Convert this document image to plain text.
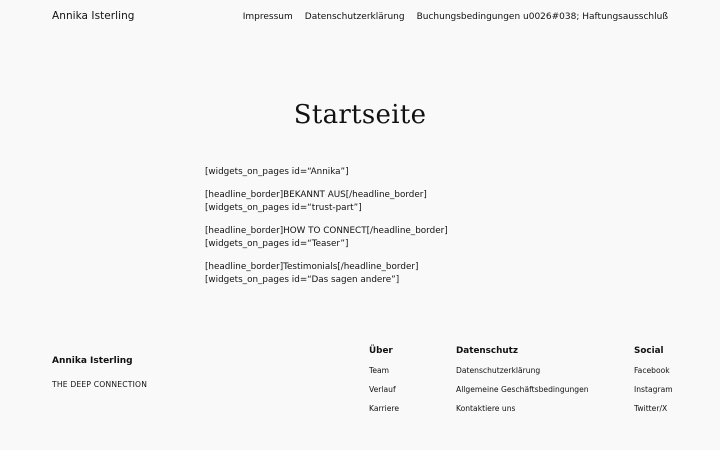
Annika Isterling	Impressum Datenschutzerklärung Buchungsbedingungen u0026#038; Haftungsausschluß
Startseite

[widgets_on_pages id=“Annika”]

[headline_border]BEKANNT AUS[/headline_border]
[widgets_on_pages id=“trust-part”]

[headline_border]HOW TO CONNECT[/headline_border]
[widgets_on_pages id=“Teaser”]

[headline_border]Testimonials[/headline_border]
[widgets_on_pages id=“Das sagen andere”]

Annika Isterling
THE DEEP CONNECTION
Über
Team
Verlauf
Karriere
Datenschutz
Datenschutzerklärung
Allgemeine Geschäftsbedingungen
Kontaktiere uns
Social
Facebook
Instagram
Twitter/X
